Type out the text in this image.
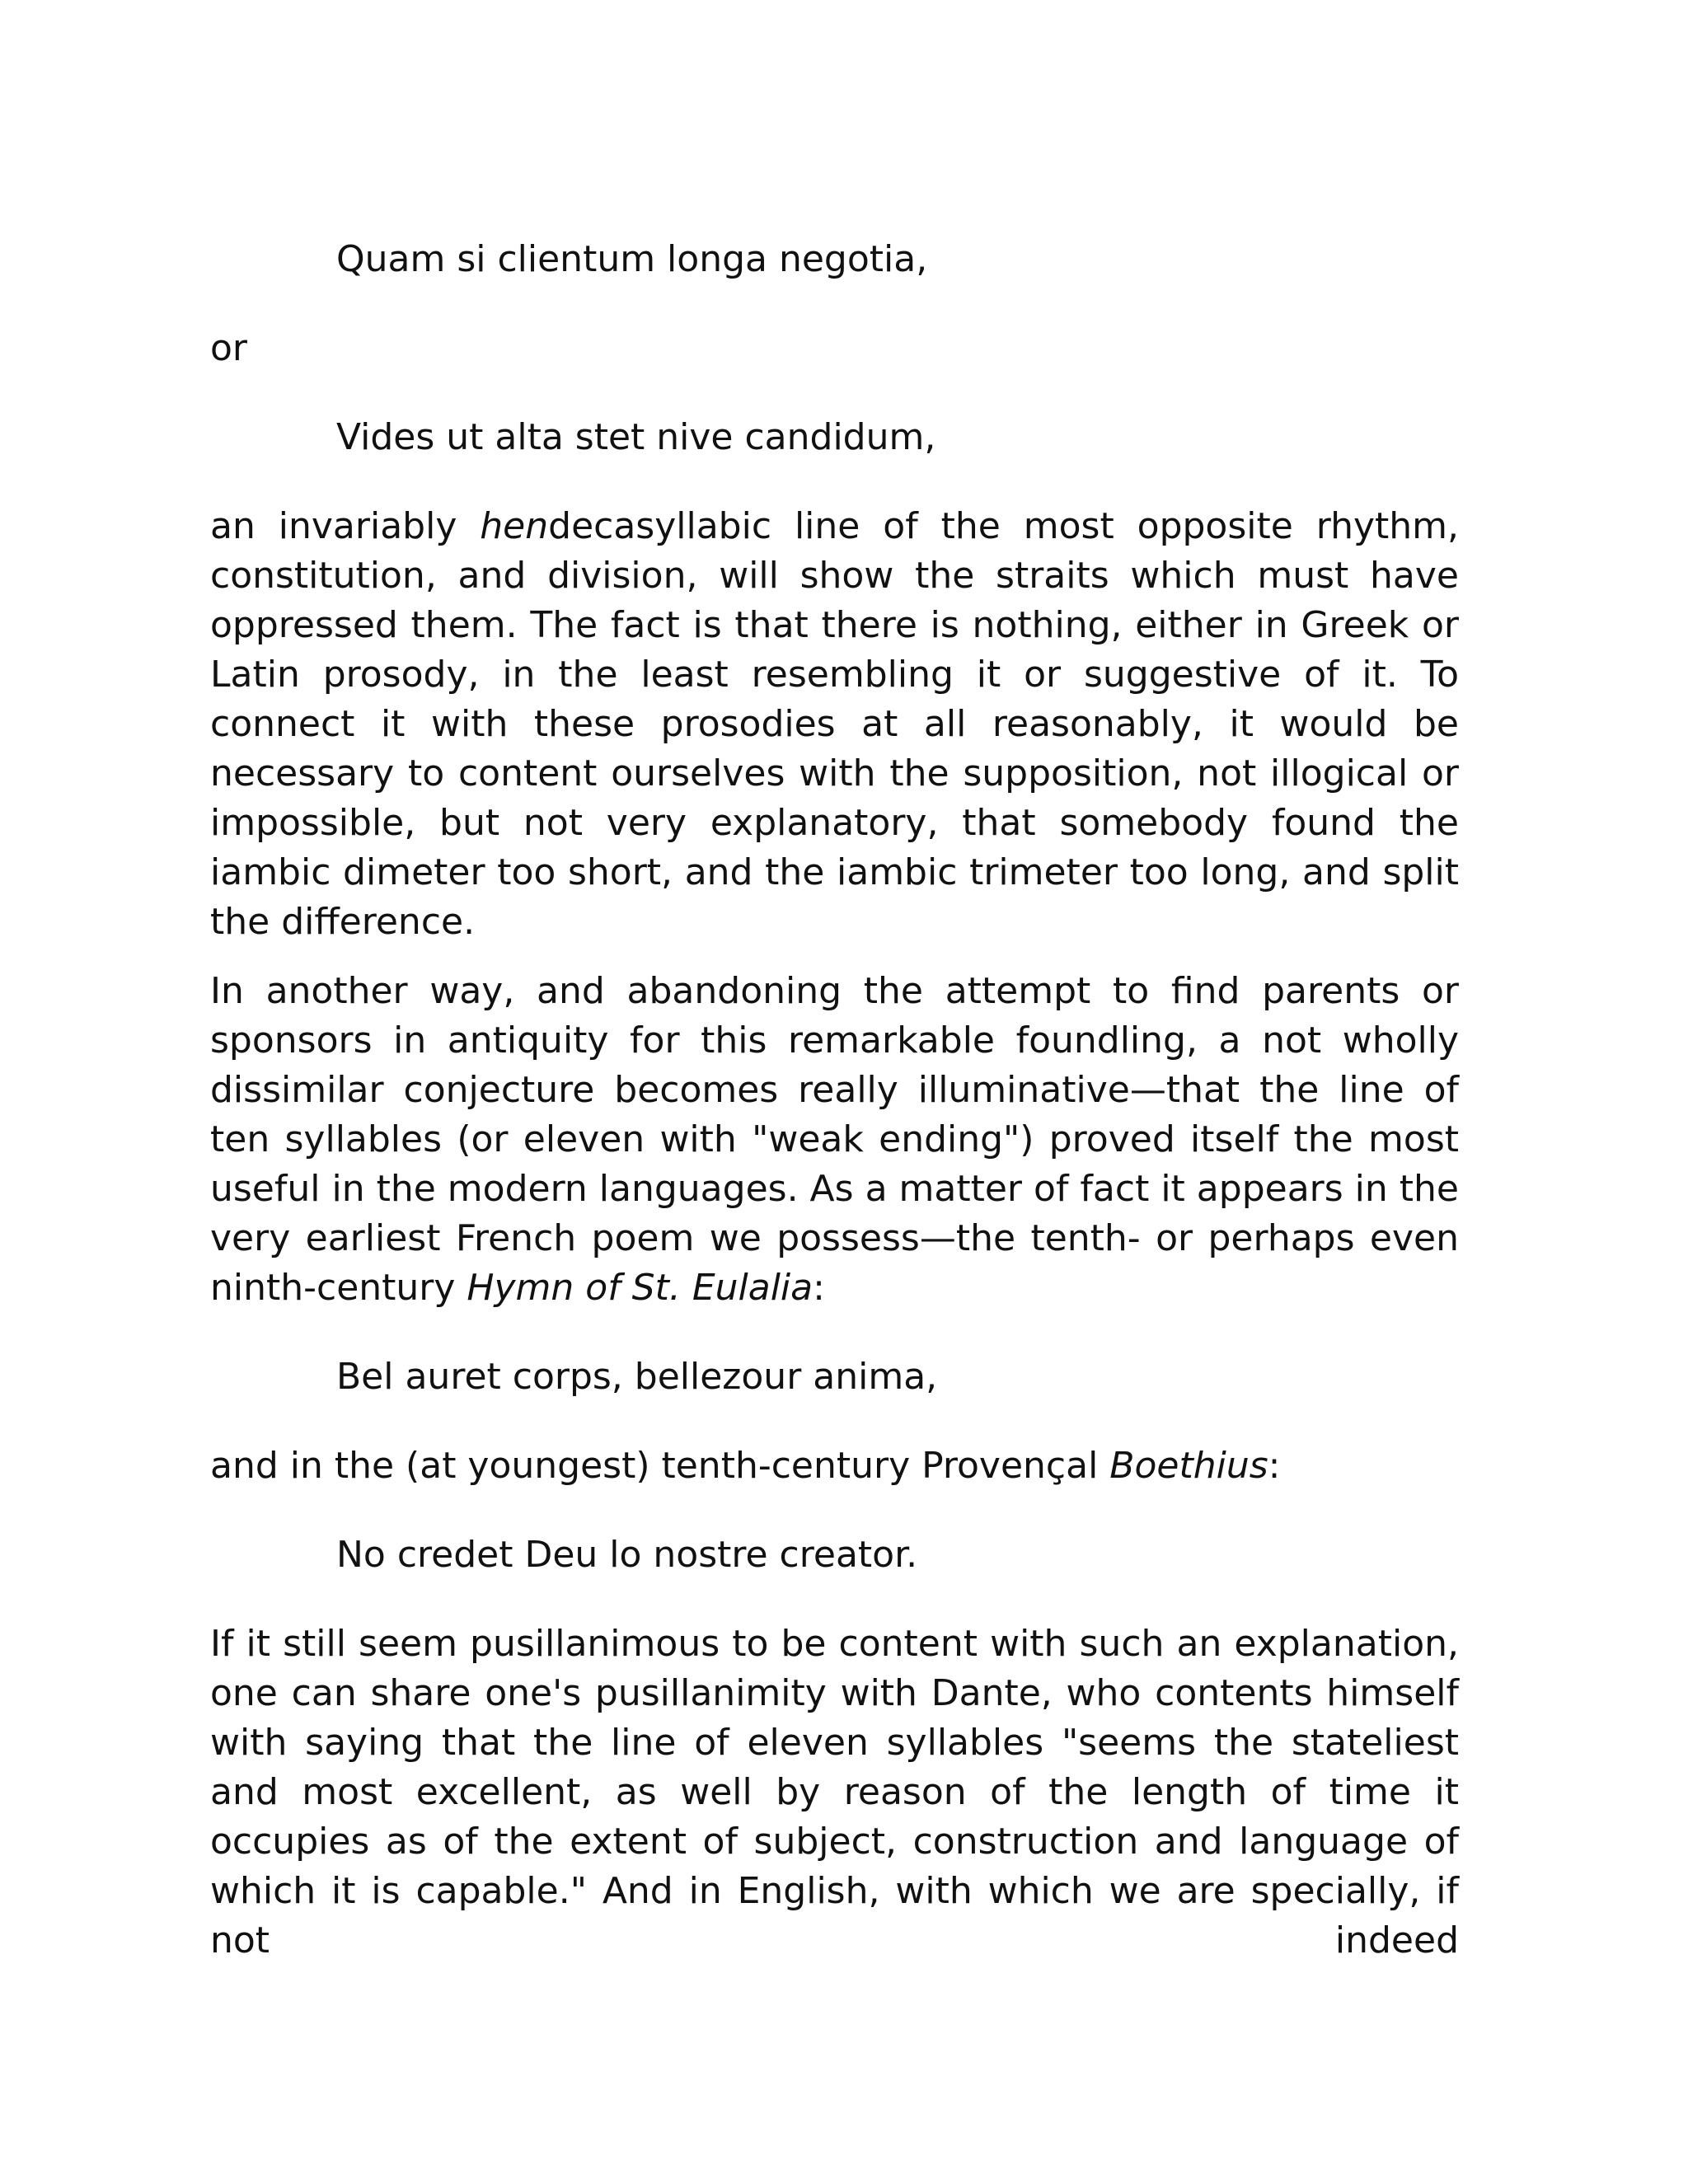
Quam si clientum longa negotia,
or
Vides ut alta stet nive candidum,

an invariably hendecasyllabic line of the most opposite rhythm, constitution, and division, will show the straits which must have oppressed them. The fact is that there is nothing, either in Greek or Latin prosody, in the least resembling it or suggestive of it. To connect it with these prosodies at all reasonably, it would be necessary to content ourselves with the supposition, not illogical or impossible, but not very explanatory, that somebody found the iambic dimeter too short, and the iambic trimeter too long, and split the difference.

In another way, and abandoning the attempt to find parents or sponsors in antiquity for this remarkable foundling, a not wholly dissimilar conjecture becomes really illuminative—that the line of ten syllables (or eleven with "weak ending") proved itself the most useful in the modern languages. As a matter of fact it appears in the very earliest French poem we possess—the tenth- or perhaps even ninth-century Hymn of St. Eulalia:

Bel auret corps, bellezour anima,
and in the (at youngest) tenth-century Provençal Boethius:
No credet Deu lo nostre creator.

If it still seem pusillanimous to be content with such an explanation, one can share one's pusillanimity with Dante, who contents himself with saying that the line of eleven syllables "seems the stateliest and most excellent, as well by reason of the length of time it occupies as of the extent of subject, construction and language of which it is capable." And in English, with which we are specially, if not indeed
